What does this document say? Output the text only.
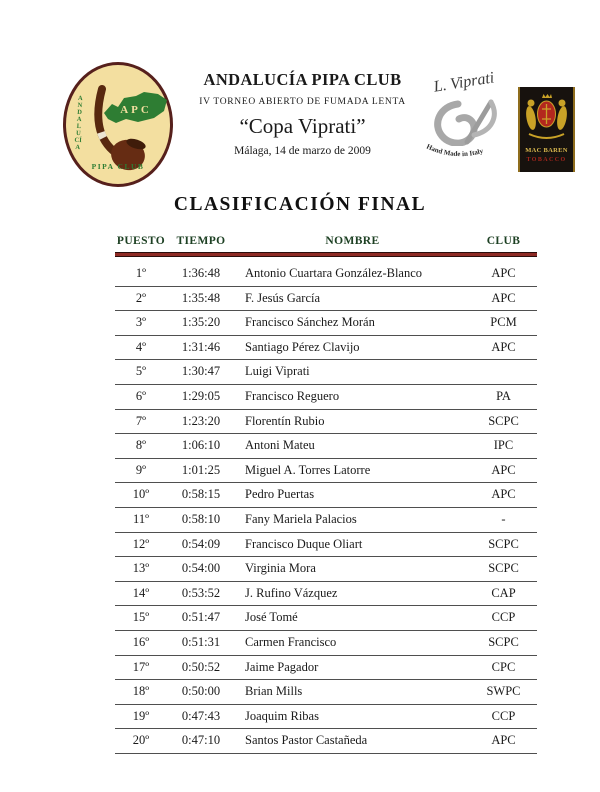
ANDALUCÍA
APC
PIPA CLUB
ANDALUCÍA PIPA CLUB
IV TORNEO ABIERTO DE FUMADA LENTA
“Copa Viprati”
Málaga, 14 de marzo de 2009
L. Viprati
Hand Made in Italy	MAC BAREN
TOBACCO
CLASIFICACIÓN FINAL
PUESTO TIEMPO	NOMBRE	CLUB
1º	1:36:48	Antonio Cuartara González-Blanco	APC
2º	1:35:48	F. Jesús García	APC
3º	1:35:20	Francisco Sánchez Morán	PCM
4º	1:31:46	Santiago Pérez Clavijo	APC
5º	1:30:47	Luigi Viprati
6º	1:29:05	Francisco Reguero	PA
7º	1:23:20	Florentín Rubio	SCPC
8º	1:06:10	Antoni Mateu	IPC
9º	1:01:25	Miguel A. Torres Latorre	APC
10º	0:58:15	Pedro Puertas	APC
11º	0:58:10	Fany Mariela Palacios	-
12º	0:54:09	Francisco Duque Oliart	SCPC
13º	0:54:00	Virginia Mora	SCPC
14º	0:53:52	J. Rufino Vázquez	CAP
15º	0:51:47	José Tomé	CCP
16º	0:51:31	Carmen Francisco	SCPC
17º	0:50:52	Jaime Pagador	CPC
18º	0:50:00	Brian Mills	SWPC
19º	0:47:43	Joaquim Ribas	CCP
20º	0:47:10	Santos Pastor Castañeda	APC
